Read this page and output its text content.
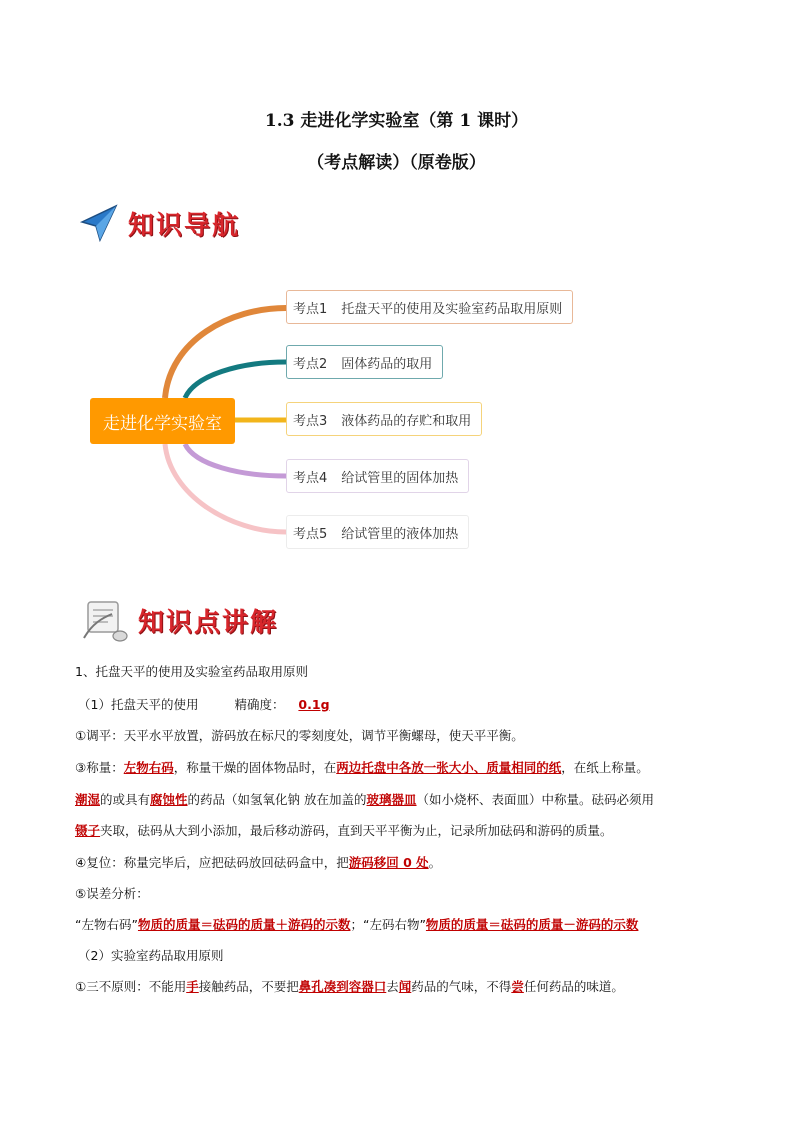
1.3 走进化学实验室（第 1 课时）
（考点解读）（原卷版）
知识导航
走进化学实验室
考点1 托盘天平的使用及实验室药品取用原则
考点2 固体药品的取用
考点3 液体药品的存贮和取用
考点4 给试管里的固体加热
考点5 给试管里的液体加热
知识点讲解
1、托盘天平的使用及实验室药品取用原则
（1）托盘天平的使用	精确度： 0.1g
①调平：天平水平放置，游码放在标尺的零刻度处，调节平衡螺母，使天平平衡。
③称量：左物右码，称量干燥的固体物品时，在两边托盘中各放一张大小、质量相同的纸，在纸上称量。
潮湿的或具有腐蚀性的药品（如氢氧化钠 放在加盖的玻璃器皿（如小烧杯、表面皿）中称量。砝码必须用
镊子夹取，砝码从大到小添加，最后移动游码，直到天平平衡为止，记录所加砝码和游码的质量。
④复位：称量完毕后，应把砝码放回砝码盒中，把游码移回 0 处。
⑤误差分析：
“左物右码”物质的质量＝砝码的质量＋游码的示数；“左码右物”物质的质量＝砝码的质量－游码的示数
（2）实验室药品取用原则
①三不原则：不能用手接触药品，不要把鼻孔凑到容器口去闻药品的气味，不得尝任何药品的味道。
